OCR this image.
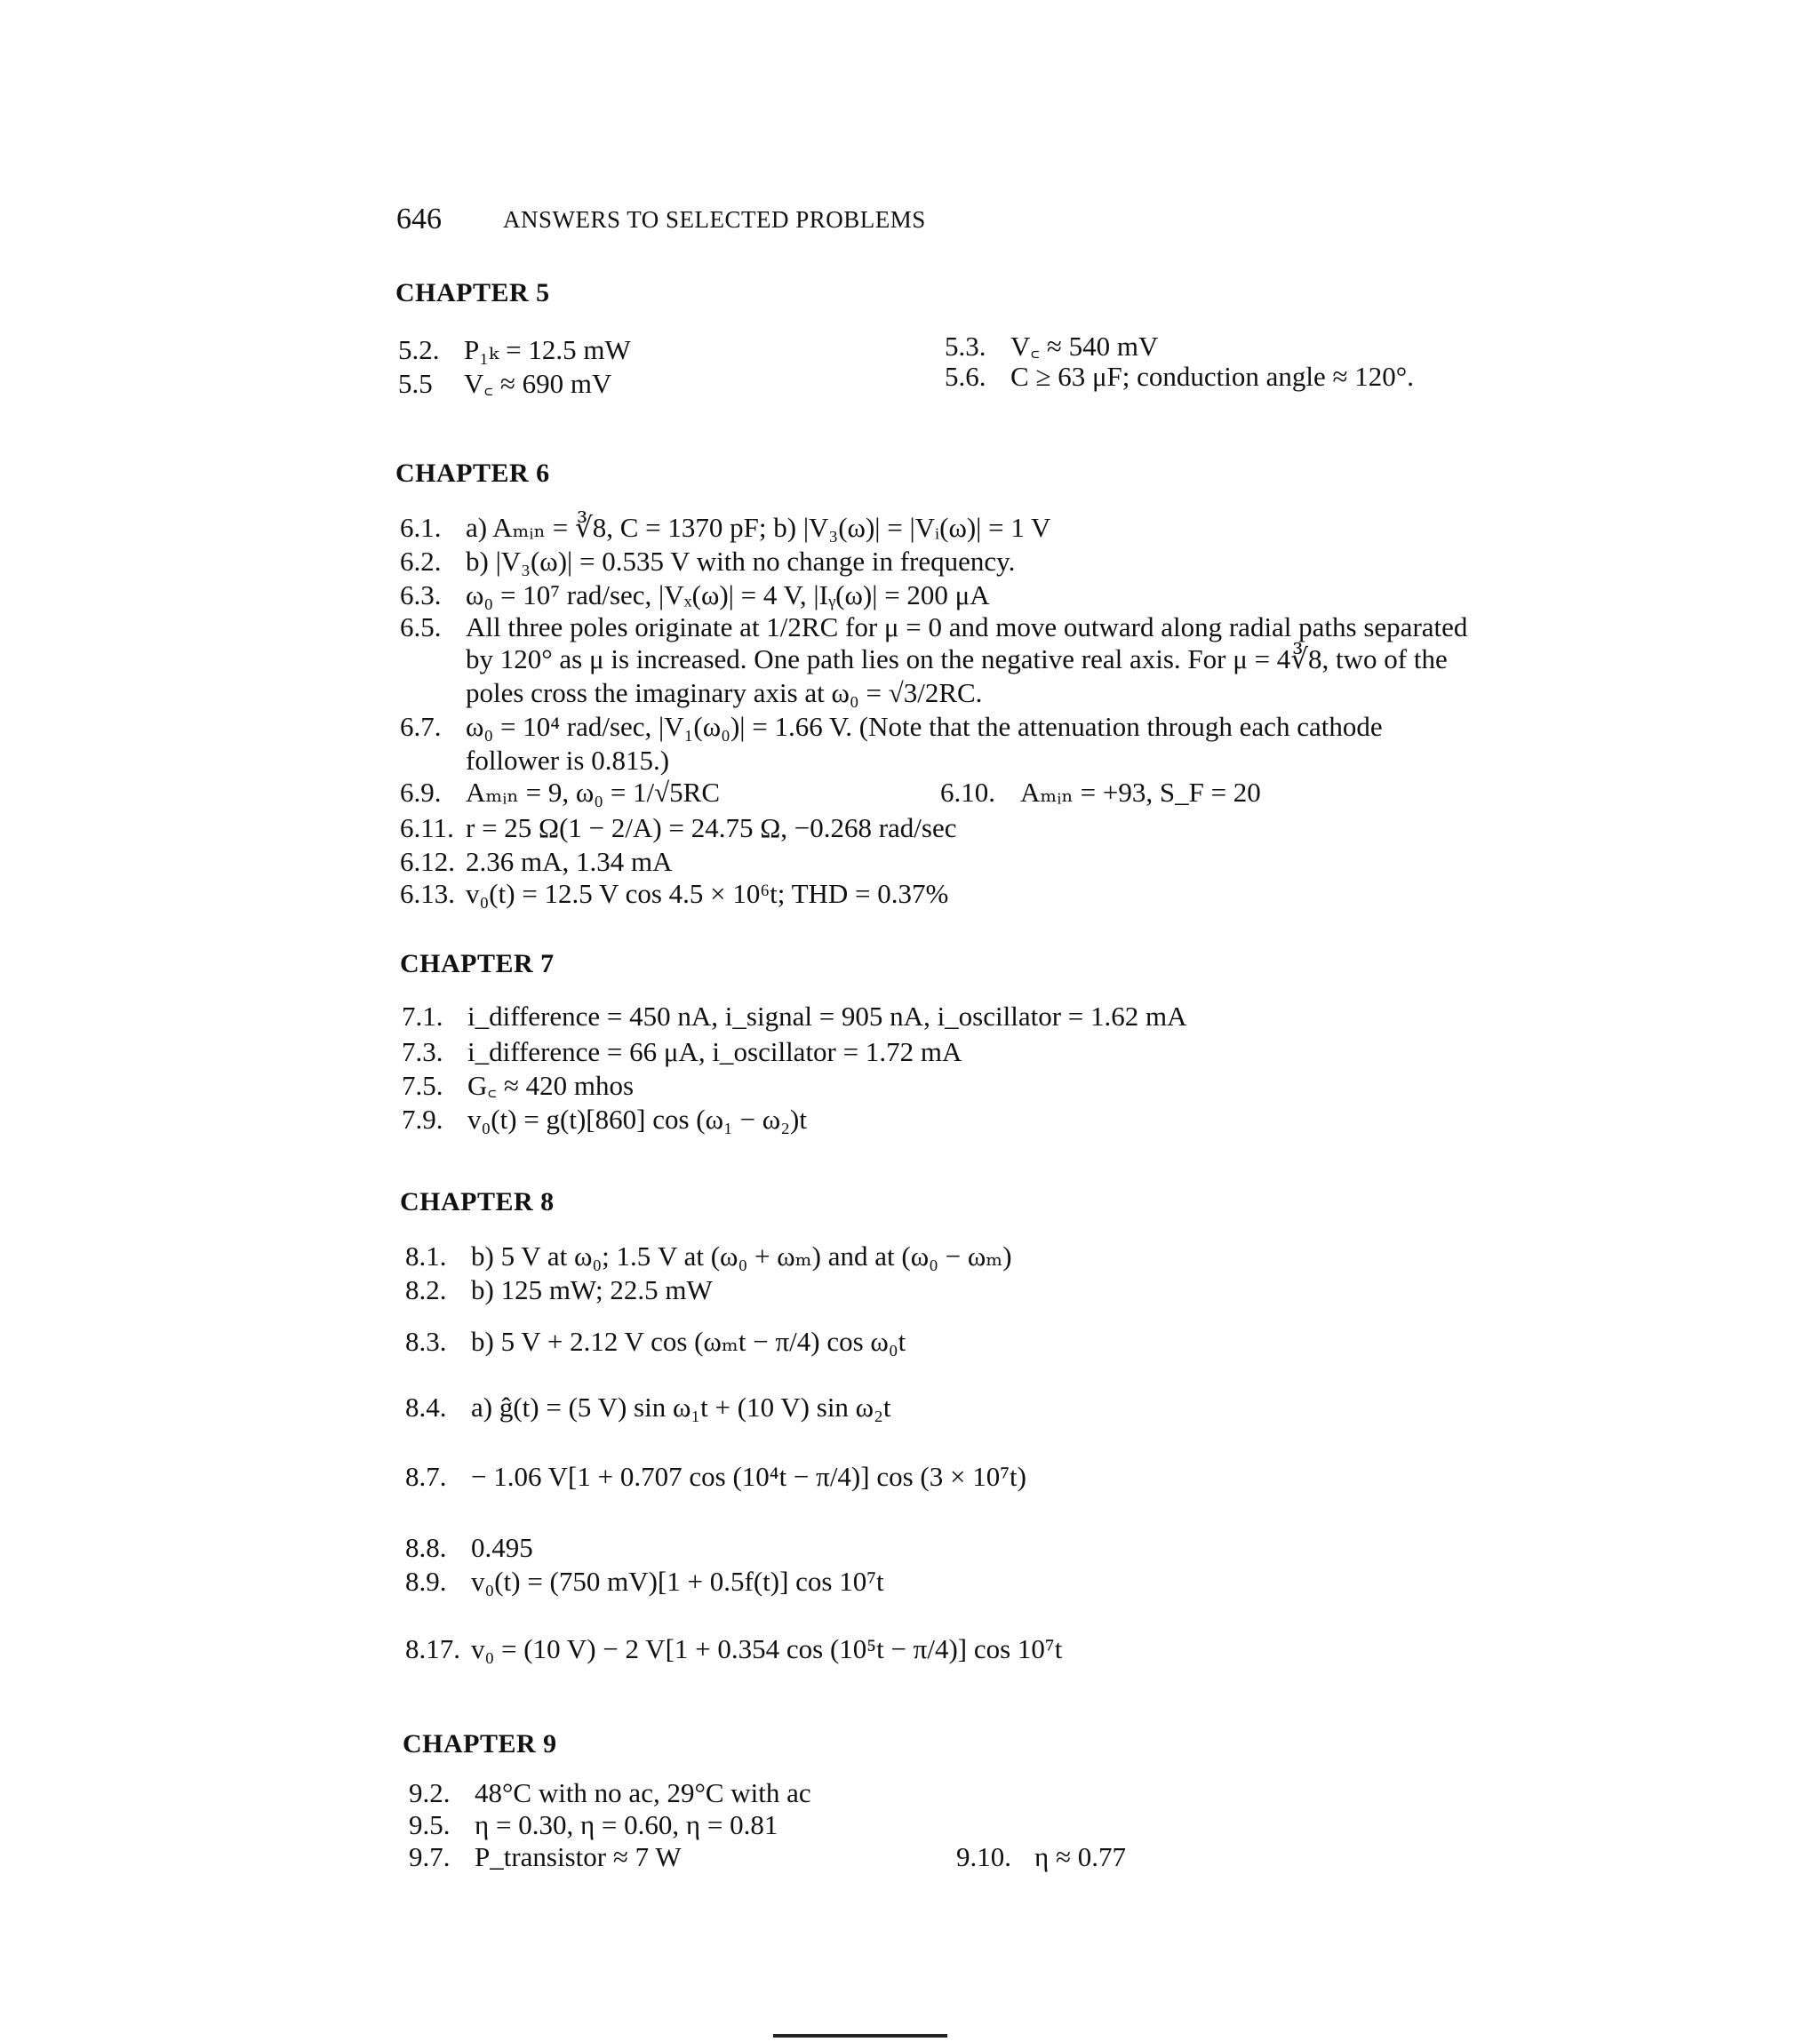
646	ANSWERS TO SELECTED PROBLEMS
CHAPTER 5
5.2. P₁ₖ = 12.5 mW	5.3. V꜀ ≈ 540 mV
5.5 V꜀ ≈ 690 mV	5.6. C ≥ 63 μF; conduction angle ≈ 120°.
CHAPTER 6
6.1. a) Aₘᵢₙ = ∛8, C = 1370 pF; b) |V₃(ω)| = |Vᵢ(ω)| = 1 V
6.2. b) |V₃(ω)| = 0.535 V with no change in frequency.
6.3. ω₀ = 10⁷ rad/sec, |Vₓ(ω)| = 4 V, |Iᵧ(ω)| = 200 μA
6.5. All three poles originate at 1/2RC for μ = 0 and move outward along radial paths separated
by 120° as μ is increased. One path lies on the negative real axis. For μ = 4∛8, two of the
poles cross the imaginary axis at ω₀ = √3/2RC.
6.7. ω₀ = 10⁴ rad/sec, |V₁(ω₀)| = 1.66 V. (Note that the attenuation through each cathode
follower is 0.815.)
6.9. Aₘᵢₙ = 9, ω₀ = 1/√5RC	6.10. Aₘᵢₙ = +93, S_F = 20
6.11. r = 25 Ω(1 − 2/A) = 24.75 Ω, −0.268 rad/sec
6.12. 2.36 mA, 1.34 mA
6.13. v₀(t) = 12.5 V cos 4.5 × 10⁶t; THD = 0.37%
CHAPTER 7
7.1. i_difference = 450 nA, i_signal = 905 nA, i_oscillator = 1.62 mA
7.3. i_difference = 66 μA, i_oscillator = 1.72 mA
7.5. G꜀ ≈ 420 mhos
7.9. v₀(t) = g(t)[860] cos (ω₁ − ω₂)t
CHAPTER 8
8.1. b) 5 V at ω₀; 1.5 V at (ω₀ + ωₘ) and at (ω₀ − ωₘ)
8.2. b) 125 mW; 22.5 mW
8.3. b) 5 V + 2.12 V cos (ωₘt − π/4) cos ω₀t
8.4. a) ĝ(t) = (5 V) sin ω₁t + (10 V) sin ω₂t
8.7. − 1.06 V[1 + 0.707 cos (10⁴t − π/4)] cos (3 × 10⁷t)
8.8. 0.495
8.9. v₀(t) = (750 mV)[1 + 0.5f(t)] cos 10⁷t
8.17. v₀ = (10 V) − 2 V[1 + 0.354 cos (10⁵t − π/4)] cos 10⁷t
CHAPTER 9
9.2. 48°C with no ac, 29°C with ac
9.5. η = 0.30, η = 0.60, η = 0.81
9.7. P_transistor ≈ 7 W	9.10. η ≈ 0.77
